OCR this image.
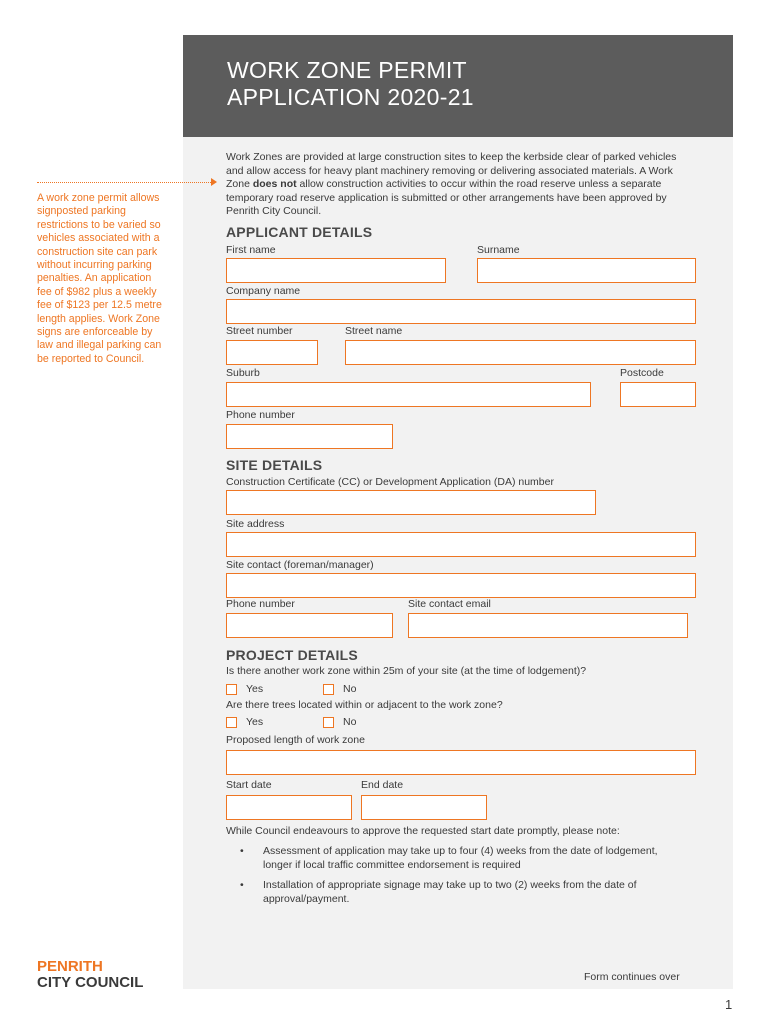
WORK ZONE PERMIT
APPLICATION 2020-21
A work zone permit allows signposted parking restrictions to be varied so vehicles associated with a construction site can park without incurring parking penalties. An application fee of $982 plus a weekly fee of $123 per 12.5 metre length applies. Work Zone signs are enforceable by law and illegal parking can be reported to Council.
Work Zones are provided at large construction sites to keep the kerbside clear of parked vehicles and allow access for heavy plant machinery removing or delivering associated materials. A Work Zone does not allow construction activities to occur within the road reserve unless a separate temporary road reserve application is submitted or other arrangements have been approved by Penrith City Council.
APPLICANT DETAILS
First name	Surname
Company name
Street number	Street name
Suburb	Postcode
Phone number
SITE DETAILS
Construction Certificate (CC) or Development Application (DA) number
Site address
Site contact (foreman/manager)
Phone number	Site contact email
PROJECT DETAILS
Is there another work zone within 25m of your site (at the time of lodgement)?
Yes	No
Are there trees located within or adjacent to the work zone?
Yes	No
Proposed length of work zone
Start date	End date
While Council endeavours to approve the requested start date promptly, please note:
• Assessment of application may take up to four (4) weeks from the date of lodgement, longer if local traffic committee endorsement is required
• Installation of appropriate signage may take up to two (2) weeks from the date of approval/payment.
PENRITH
CITY COUNCIL	Form continues over
1
